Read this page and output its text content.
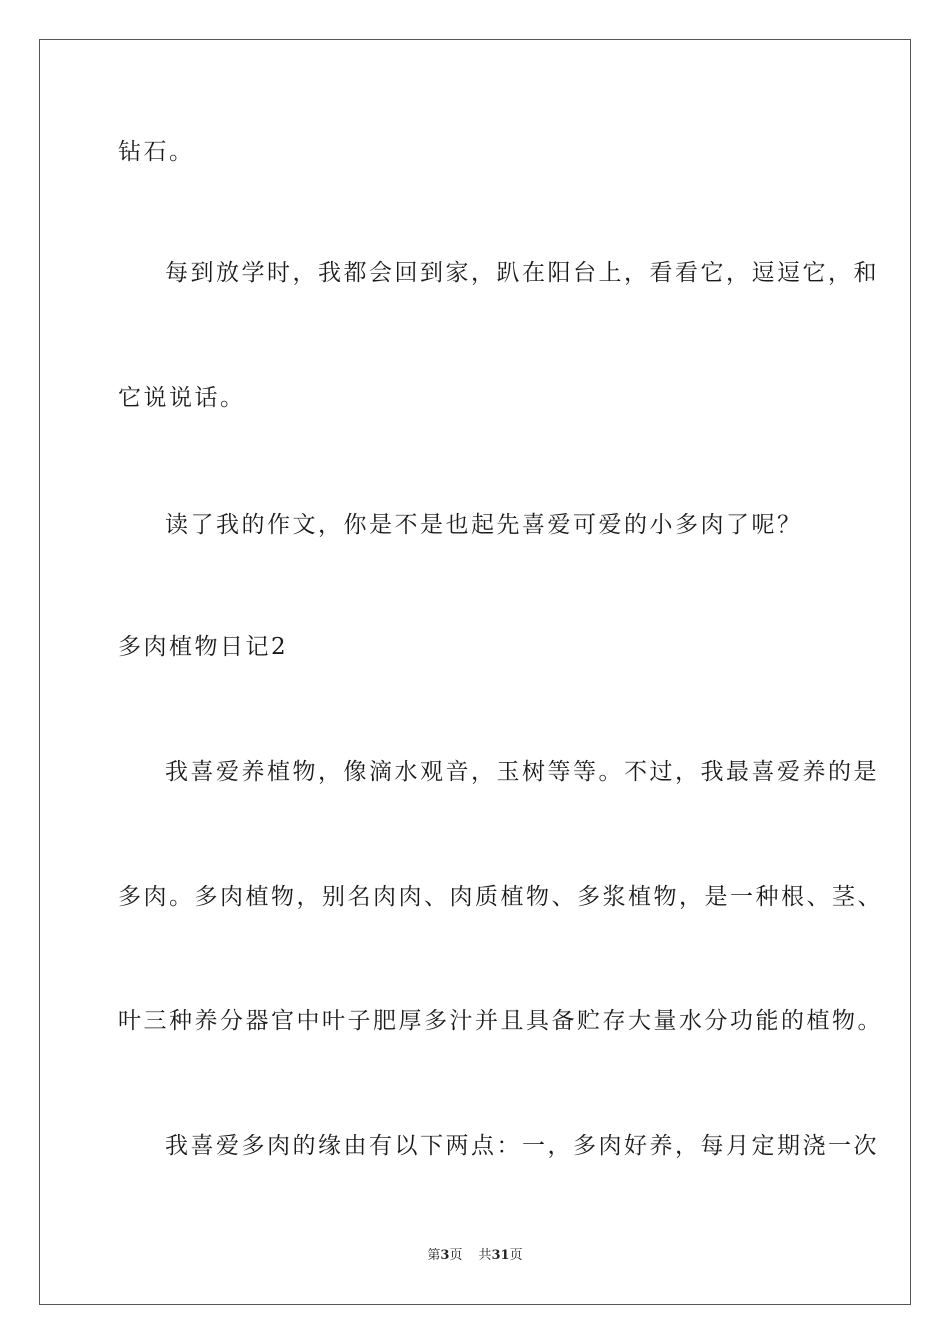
钻石。
每到放学时，我都会回到家，趴在阳台上，看看它，逗逗它，和
它说说话。
读了我的作文，你是不是也起先喜爱可爱的小多肉了呢？
多肉植物日记2
我喜爱养植物，像滴水观音，玉树等等。不过，我最喜爱养的是
多肉。多肉植物，别名肉肉、肉质植物、多浆植物，是一种根、茎、
叶三种养分器官中叶子肥厚多汁并且具备贮存大量水分功能的植物。
我喜爱多肉的缘由有以下两点：一，多肉好养，每月定期浇一次
第3页 共31页
